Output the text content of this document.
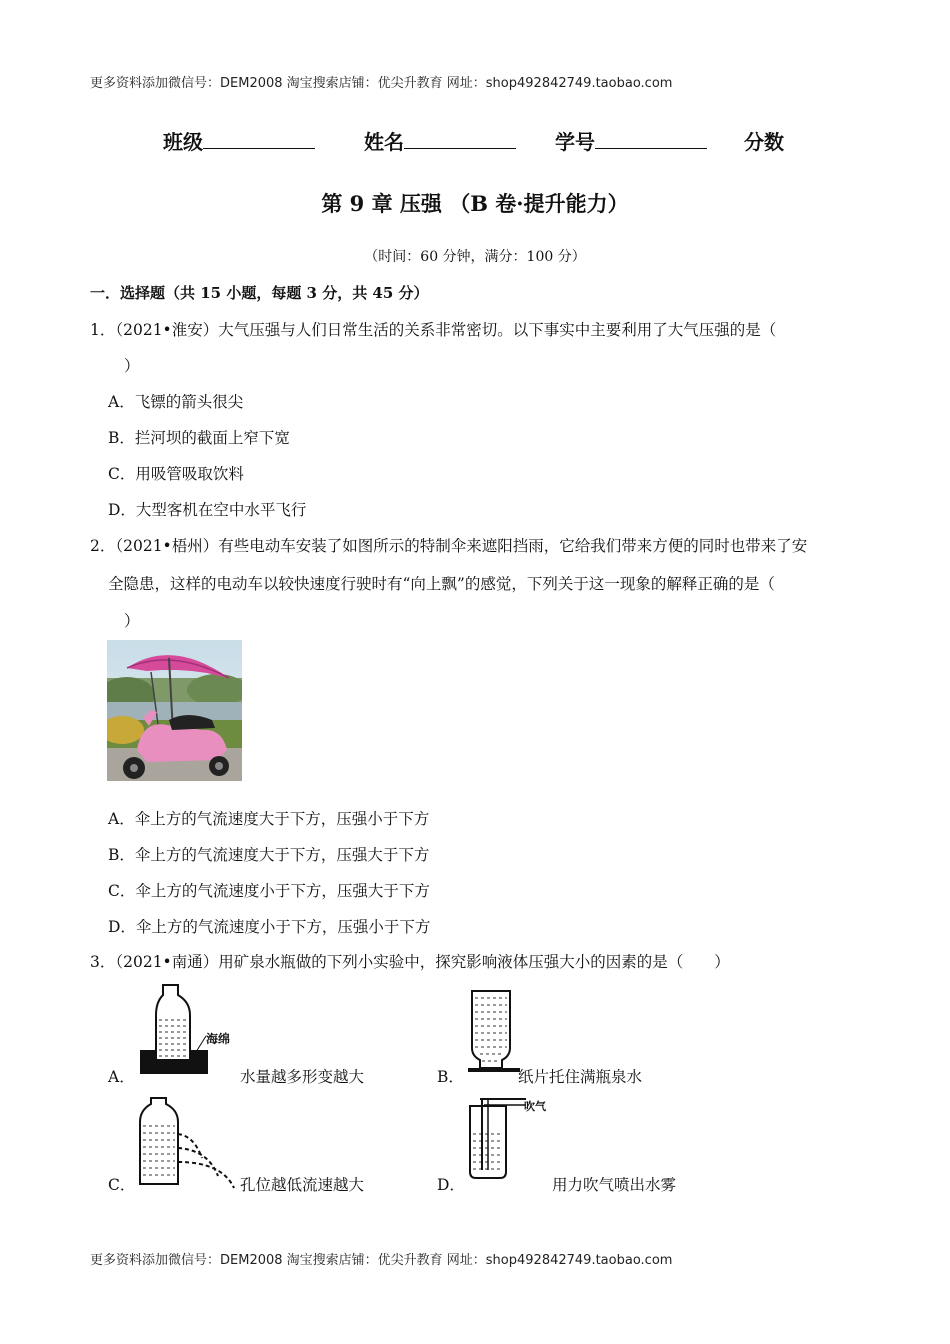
更多资料添加微信号：DEM2008 淘宝搜索店铺：优尖升教育 网址：shop492842749.taobao.com
班级	姓名	学号	分数
第 9 章 压强 （B 卷·提升能力）
（时间：60 分钟，满分：100 分）
一．选择题（共 15 小题，每题 3 分，共 45 分）
1．（2021•淮安）大气压强与人们日常生活的关系非常密切。以下事实中主要利用了大气压强的是（
）
A．飞镖的箭头很尖
B．拦河坝的截面上窄下宽
C．用吸管吸取饮料
D．大型客机在空中水平飞行
2．（2021•梧州）有些电动车安装了如图所示的特制伞来遮阳挡雨，它给我们带来方便的同时也带来了安
全隐患，这样的电动车以较快速度行驶时有“向上飘”的感觉，下列关于这一现象的解释正确的是（
）
A．伞上方的气流速度大于下方，压强小于下方
B．伞上方的气流速度大于下方，压强大于下方
C．伞上方的气流速度小于下方，压强大于下方
D．伞上方的气流速度小于下方，压强小于下方
3．（2021•南通）用矿泉水瓶做的下列小实验中，探究影响液体压强大小的因素的是（　　）
A．
海绵
水量越多形变越大	B．	纸片托住满瓶泉水
C．	孔位越低流速越大	D．
吹气
用力吹气喷出水雾
更多资料添加微信号：DEM2008 淘宝搜索店铺：优尖升教育 网址：shop492842749.taobao.com
